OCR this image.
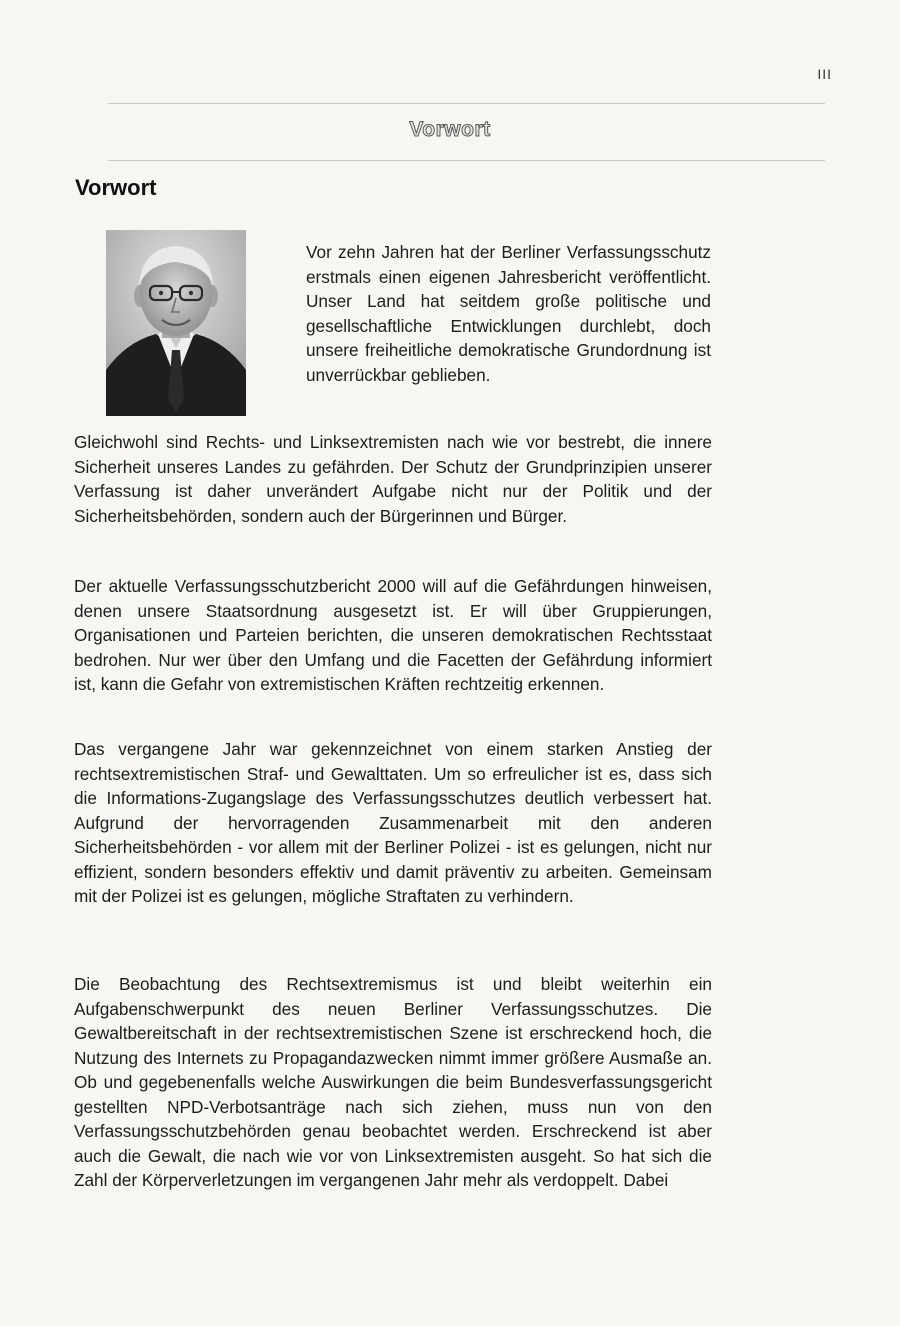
III
Vorwort
Vorwort

Vor zehn Jahren hat der Berliner Verfassungsschutz erstmals einen eigenen Jahresbericht veröffentlicht. Unser Land hat seitdem große politische und gesellschaftliche Entwicklungen durchlebt, doch unsere freiheitliche demokratische Grundordnung ist unverrückbar geblieben.

Gleichwohl sind Rechts- und Linksextremisten nach wie vor bestrebt, die innere Sicherheit unseres Landes zu gefährden. Der Schutz der Grundprinzipien unserer Verfassung ist daher unverändert Aufgabe nicht nur der Politik und der Sicherheitsbehörden, sondern auch der Bürgerinnen und Bürger.

Der aktuelle Verfassungsschutzbericht 2000 will auf die Gefährdungen hinweisen, denen unsere Staatsordnung ausgesetzt ist. Er will über Gruppierungen, Organisationen und Parteien berichten, die unseren demokratischen Rechtsstaat bedrohen. Nur wer über den Umfang und die Facetten der Gefährdung informiert ist, kann die Gefahr von extremistischen Kräften rechtzeitig erkennen.

Das vergangene Jahr war gekennzeichnet von einem starken Anstieg der rechtsextremistischen Straf- und Gewalttaten. Um so erfreulicher ist es, dass sich die Informations-Zugangslage des Verfassungsschutzes deutlich verbessert hat. Aufgrund der hervorragenden Zusammenarbeit mit den anderen Sicherheitsbehörden - vor allem mit der Berliner Polizei - ist es gelungen, nicht nur effizient, sondern besonders effektiv und damit präventiv zu arbeiten. Gemeinsam mit der Polizei ist es gelungen, mögliche Straftaten zu verhindern.

Die Beobachtung des Rechtsextremismus ist und bleibt weiterhin ein Aufgabenschwerpunkt des neuen Berliner Verfassungsschutzes. Die Gewaltbereitschaft in der rechtsextremistischen Szene ist erschreckend hoch, die Nutzung des Internets zu Propagandazwecken nimmt immer größere Ausmaße an. Ob und gegebenenfalls welche Auswirkungen die beim Bundesverfassungsgericht gestellten NPD-Verbotsanträge nach sich ziehen, muss nun von den Verfassungsschutzbehörden genau beobachtet werden. Erschreckend ist aber auch die Gewalt, die nach wie vor von Linksextremisten ausgeht. So hat sich die Zahl der Körperverletzungen im vergangenen Jahr mehr als verdoppelt. Dabei
